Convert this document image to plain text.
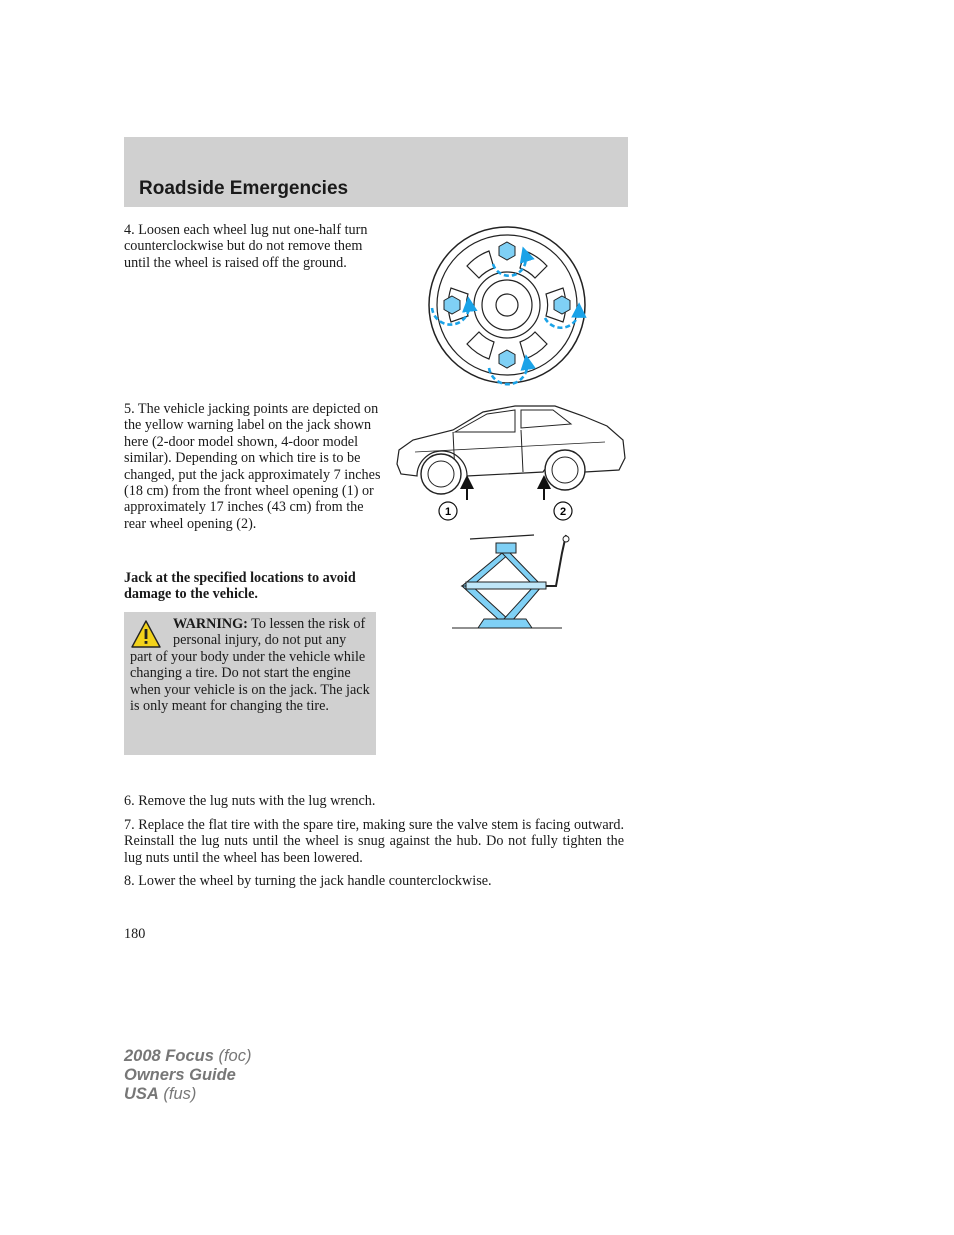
Roadside Emergencies

4. Loosen each wheel lug nut one-half turn counterclockwise but do not remove them until the wheel is raised off the ground.

5. The vehicle jacking points are depicted on the yellow warning label on the jack shown here (2-door model shown, 4-door model similar). Depending on which tire is to be changed, put the jack approximately 7 inches (18 cm) from the front wheel opening (1) or approximately 17 inches (43 cm) from the rear wheel opening (2).

1	2

Jack at the specified locations to avoid damage to the vehicle.

WARNING: To lessen the risk of personal injury, do not put any part of your body under the vehicle while changing a tire. Do not start the engine when your vehicle is on the jack. The jack is only meant for changing the tire.

6. Remove the lug nuts with the lug wrench.

7. Replace the flat tire with the spare tire, making sure the valve stem is facing outward. Reinstall the lug nuts until the wheel is snug against the hub. Do not fully tighten the lug nuts until the wheel has been lowered.

8. Lower the wheel by turning the jack handle counterclockwise.

180

2008 Focus (foc)
Owners Guide
USA (fus)
